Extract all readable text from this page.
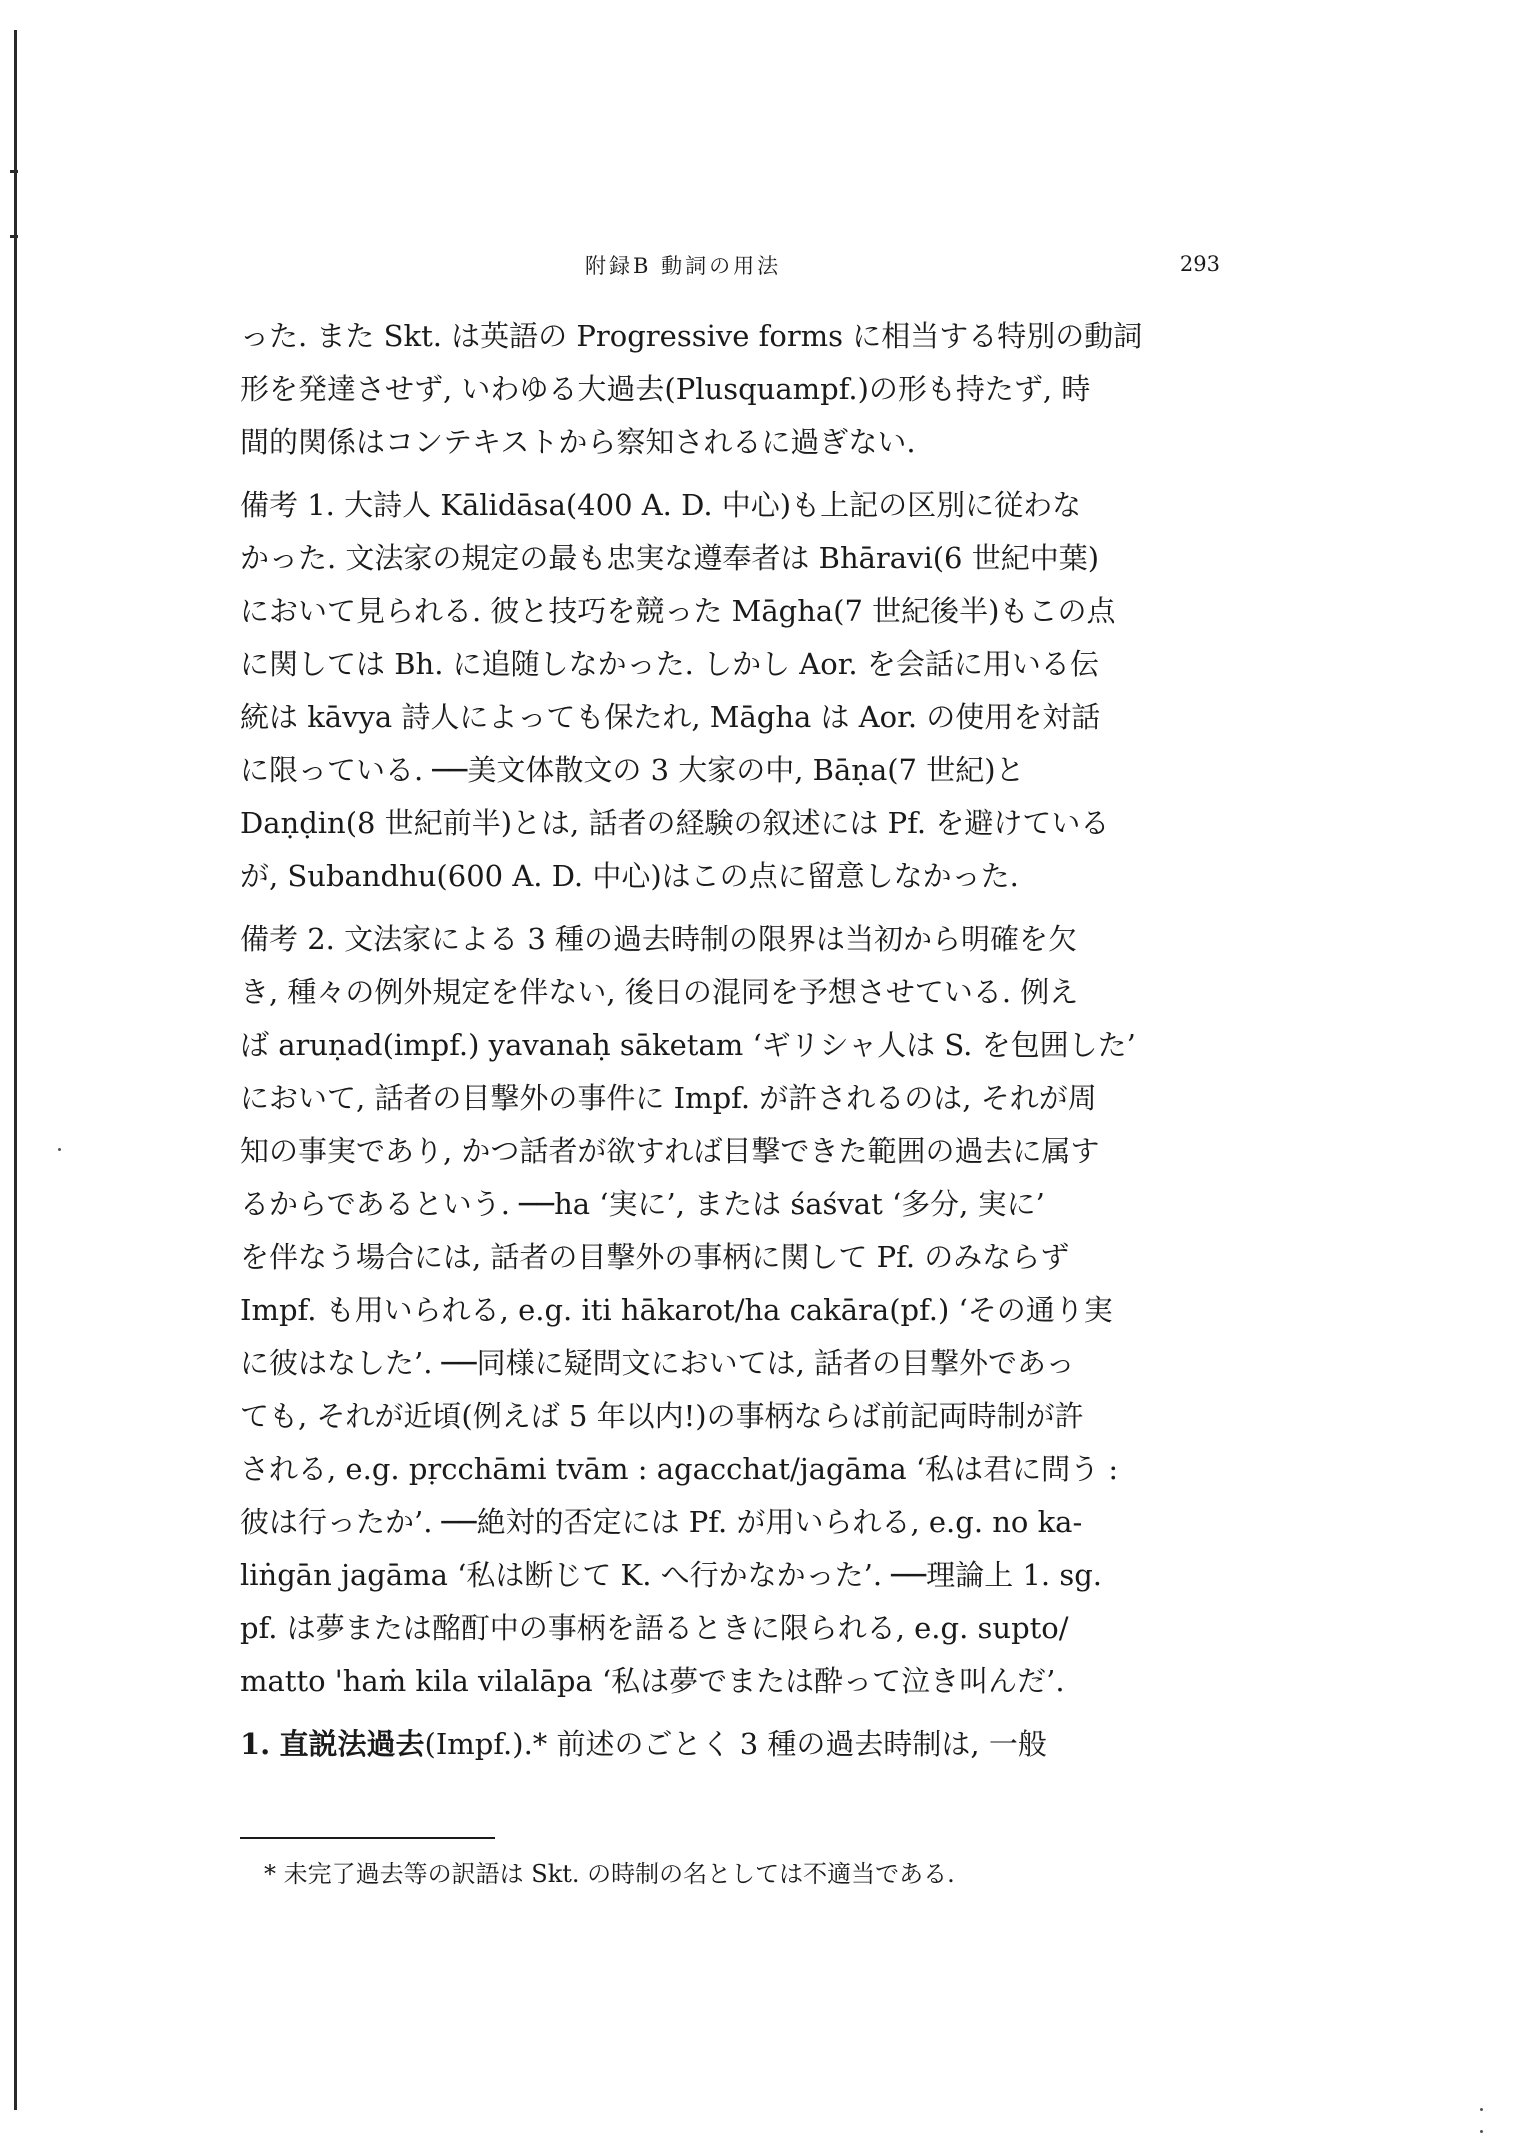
附録B 動詞の用法	293
った. また Skt. は英語の Progressive forms に相当する特別の動詞
形を発達させず, いわゆる大過去(Plusquampf.)の形も持たず, 時
間的関係はコンテキストから察知されるに過ぎない.
備考 1. 大詩人 Kālidāsa(400 A. D. 中心)も上記の区別に従わな
かった. 文法家の規定の最も忠実な遵奉者は Bhāravi(6 世紀中葉)
において見られる. 彼と技巧を競った Māgha(7 世紀後半)もこの点
に関しては Bh. に追随しなかった. しかし Aor. を会話に用いる伝
統は kāvya 詩人によっても保たれ, Māgha は Aor. の使用を対話
に限っている. ──美文体散文の 3 大家の中, Bāṇa(7 世紀)と
Daṇḍin(8 世紀前半)とは, 話者の経験の叙述には Pf. を避けている
が, Subandhu(600 A. D. 中心)はこの点に留意しなかった.
備考 2. 文法家による 3 種の過去時制の限界は当初から明確を欠
き, 種々の例外規定を伴ない, 後日の混同を予想させている. 例え
ば aruṇad(impf.) yavanaḥ sāketam ‘ギリシャ人は S. を包囲した’
において, 話者の目撃外の事件に Impf. が許されるのは, それが周
知の事実であり, かつ話者が欲すれば目撃できた範囲の過去に属す
るからであるという. ──ha ‘実に’, または śaśvat ‘多分, 実に’
を伴なう場合には, 話者の目撃外の事柄に関して Pf. のみならず
Impf. も用いられる, e.g. iti hākarot/ha cakāra(pf.) ‘その通り実
に彼はなした’. ──同様に疑問文においては, 話者の目撃外であっ
ても, それが近頃(例えば 5 年以内!)の事柄ならば前記両時制が許
される, e.g. pṛcchāmi tvām : agacchat/jagāma ‘私は君に問う :
彼は行ったか’. ──絶対的否定には Pf. が用いられる, e.g. no ka-
liṅgān jagāma ‘私は断じて K. へ行かなかった’. ──理論上 1. sg.
pf. は夢または酩酊中の事柄を語るときに限られる, e.g. supto/
matto 'haṁ kila vilalāpa ‘私は夢でまたは酔って泣き叫んだ’.
1. 直説法過去(Impf.).* 前述のごとく 3 種の過去時制は, 一般
* 未完了過去等の訳語は Skt. の時制の名としては不適当である.
